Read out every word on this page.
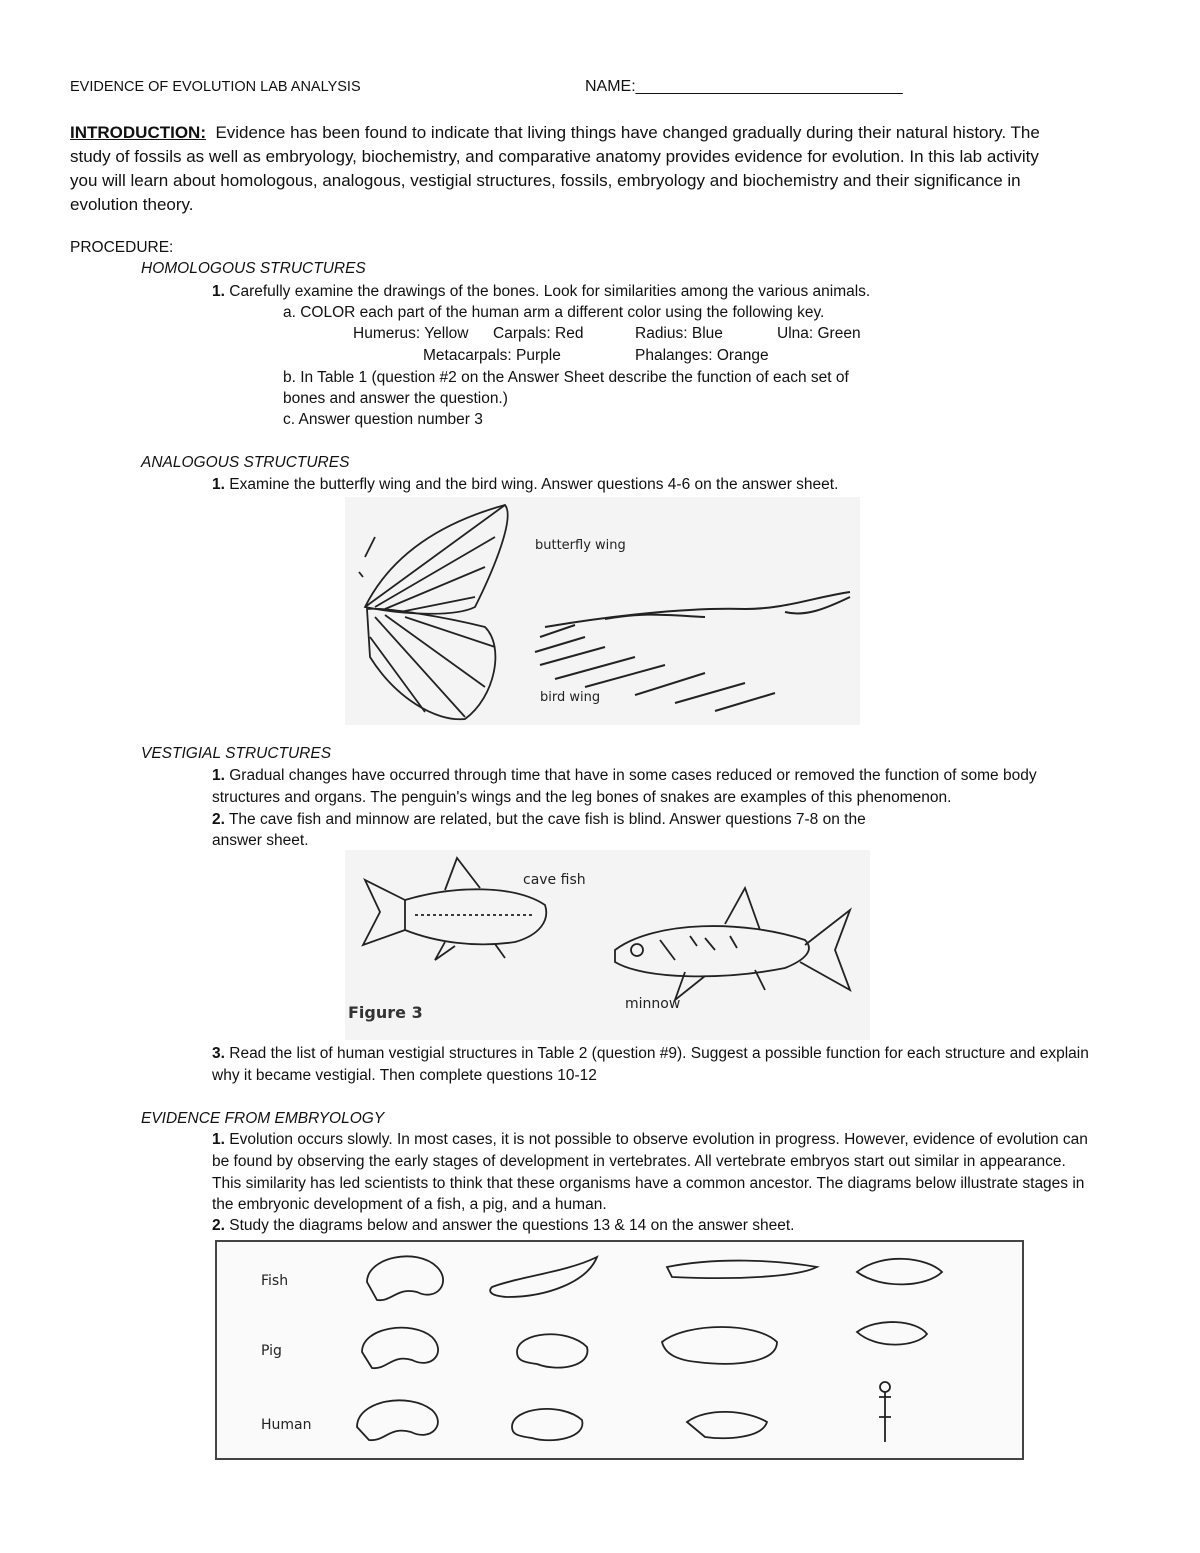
EVIDENCE OF EVOLUTION LAB ANALYSIS	NAME:______________________________
INTRODUCTION: Evidence has been found to indicate that living things have changed gradually during their natural history. The
study of fossils as well as embryology, biochemistry, and comparative anatomy provides evidence for evolution. In this lab activity
you will learn about homologous, analogous, vestigial structures, fossils, embryology and biochemistry and their significance in
evolution theory.
PROCEDURE:
HOMOLOGOUS STRUCTURES
1. Carefully examine the drawings of the bones. Look for similarities among the various animals.
a. COLOR each part of the human arm a different color using the following key.
Humerus: Yellow Carpals: Red	Radius: Blue	Ulna: Green
Metacarpals: Purple	Phalanges: Orange
b. In Table 1 (question #2 on the Answer Sheet describe the function of each set of
bones and answer the question.)
c. Answer question number 3
ANALOGOUS STRUCTURES
1. Examine the butterfly wing and the bird wing. Answer questions 4-6 on the answer sheet.
butterfly wing
bird wing
VESTIGIAL STRUCTURES
1. Gradual changes have occurred through time that have in some cases reduced or removed the function of some body
structures and organs. The penguin's wings and the leg bones of snakes are examples of this phenomenon.
2. The cave fish and minnow are related, but the cave fish is blind. Answer questions 7-8 on the
answer sheet.
cave fish
minnow
Figure 3
3. Read the list of human vestigial structures in Table 2 (question #9). Suggest a possible function for each structure and explain
why it became vestigial. Then complete questions 10-12
EVIDENCE FROM EMBRYOLOGY
1. Evolution occurs slowly. In most cases, it is not possible to observe evolution in progress. However, evidence of evolution can
be found by observing the early stages of development in vertebrates. All vertebrate embryos start out similar in appearance.
This similarity has led scientists to think that these organisms have a common ancestor. The diagrams below illustrate stages in
the embryonic development of a fish, a pig, and a human.
2. Study the diagrams below and answer the questions 13 & 14 on the answer sheet.
Fish
Pig
Human
